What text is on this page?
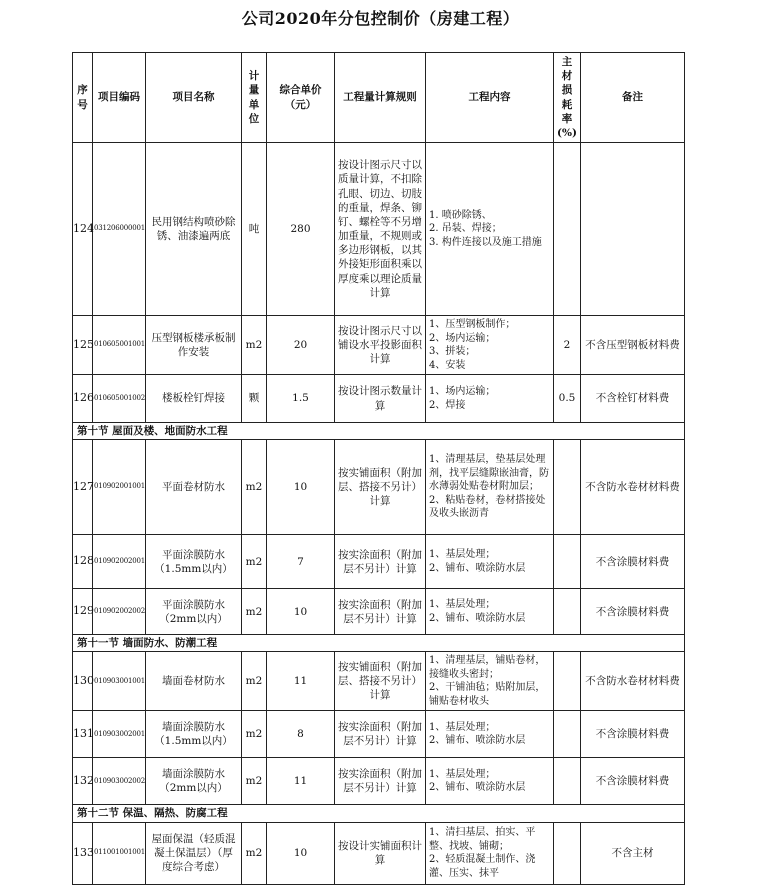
公司2020年分包控制价（房建工程）
序号	项目编码	项目名称	计量单位	综合单价（元）	工程量计算规则	工程内容	主材损耗率(%)	备注
124	031206000001	民用钢结构喷砂除锈、油漆遍两底	吨	280	按设计图示尺寸以质量计算，不扣除孔眼、切边、切肢的重量，焊条、铆钉、螺栓等不另增加重量，不规则或多边形钢板，以其外接矩形面积乘以厚度乘以理论质量计算	1. 喷砂除锈、
2. 吊装、焊接；
3. 构件连接以及施工措施		
125	010605001001	压型钢板楼承板制作安装	m2	20	按设计图示尺寸以铺设水平投影面积计算	1、压型钢板制作；
2、场内运输；
3、拼装；
4、安装	2	不含压型钢板材料费
126	010605001002	楼板栓钉焊接	颗	1.5	按设计图示数量计算	1、场内运输；
2、焊接	0.5	不含栓钉材料费
第十节 屋面及楼、地面防水工程								
127	010902001001	平面卷材防水	m2	10	按实铺面积（附加层、搭接不另计）计算	1、清理基层，垫基层处理剂，找平层缝隙嵌油膏，防水薄弱处贴卷材附加层；
2、粘贴卷材，卷材搭接处及收头嵌沥青		不含防水卷材材料费
128	010902002001	平面涂膜防水（1.5mm以内）	m2	7	按实涂面积（附加层不另计）计算	1、基层处理；
2、铺布、喷涂防水层		不含涂膜材料费
129	010902002002	平面涂膜防水（2mm以内）	m2	10	按实涂面积（附加层不另计）计算	1、基层处理；
2、铺布、喷涂防水层		不含涂膜材料费
第十一节 墙面防水、防潮工程								
130	010903001001	墙面卷材防水	m2	11	按实铺面积（附加层、搭接不另计）计算	1、清理基层，铺贴卷材，接缝收头密封；
2、干铺油毡；贴附加层，铺贴卷材收头		不含防水卷材材料费
131	010903002001	墙面涂膜防水（1.5mm以内）	m2	8	按实涂面积（附加层不另计）计算	1、基层处理；
2、铺布、喷涂防水层		不含涂膜材料费
132	010903002002	墙面涂膜防水（2mm以内）	m2	11	按实涂面积（附加层不另计）计算	1、基层处理；
2、铺布、喷涂防水层		不含涂膜材料费
第十二节 保温、隔热、防腐工程								
133	011001001001	屋面保温（轻质混凝土保温层）（厚度综合考虑）	m2	10	按设计实铺面积计算	1、清扫基层、拍实、平整、找坡、铺砌；
2、轻质混凝土制作、浇灌、压实、抹平		不含主材
